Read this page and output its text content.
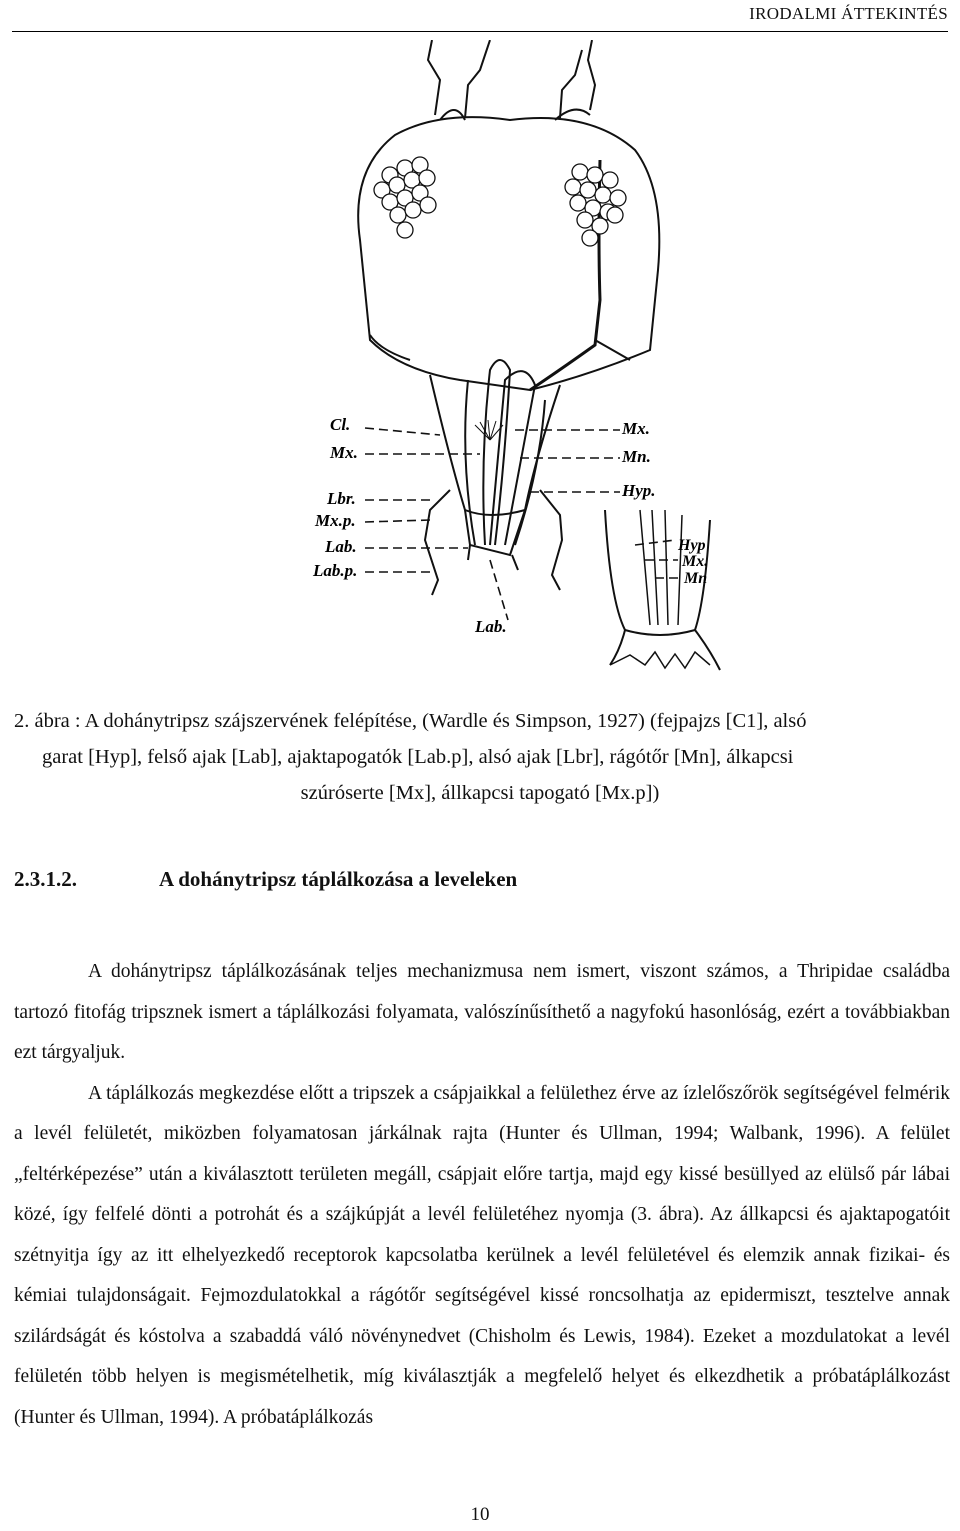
IRODALMI ÁTTEKINTÉS
Cl.
Mx.
Lbr.
Mx.p.
Lab.
Lab.p.
Mx.
Mn.
Hyp.
Lab.
Hyp
Mx.
Mn
2. ábra : A dohánytripsz szájszervének felépítése, (Wardle és Simpson, 1927) (fejpajzs [C1], alsó
garat [Hyp], felső ajak [Lab], ajaktapogatók [Lab.p], alsó ajak [Lbr], rágótőr [Mn], álkapcsi
szúróserte [Mx], állkapcsi tapogató [Mx.p])
2.3.1.2.	A dohánytripsz táplálkozása a leveleken

A dohánytripsz táplálkozásának teljes mechanizmusa nem ismert, viszont számos, a Thripidae családba tartozó fitofág tripsznek ismert a táplálkozási folyamata, valószínűsíthető a nagyfokú hasonlóság, ezért a továbbiakban ezt tárgyaljuk.

A táplálkozás megkezdése előtt a tripszek a csápjaikkal a felülethez érve az ízlelőszőrök segítségével felmérik a levél felületét, miközben folyamatosan járkálnak rajta (Hunter és Ullman, 1994; Walbank, 1996). A felület „feltérképezése” után a kiválasztott területen megáll, csápjait előre tartja, majd egy kissé besüllyed az elülső pár lábai közé, így felfelé dönti a potrohát és a szájkúpját a levél felületéhez nyomja (3. ábra). Az állkapcsi és ajaktapogatóit szétnyitja így az itt elhelyezkedő receptorok kapcsolatba kerülnek a levél felületével és elemzik annak fizikai- és kémiai tulajdonságait. Fejmozdulatokkal a rágótőr segítségével kissé roncsolhatja az epidermiszt, tesztelve annak szilárdságát és kóstolva a szabaddá váló növénynedvet (Chisholm és Lewis, 1984). Ezeket a mozdulatokat a levél felületén több helyen is megismételhetik, míg kiválasztják a megfelelő helyet és elkezdhetik a próbatáplálkozást (Hunter és Ullman, 1994). A próbatáplálkozás

10
